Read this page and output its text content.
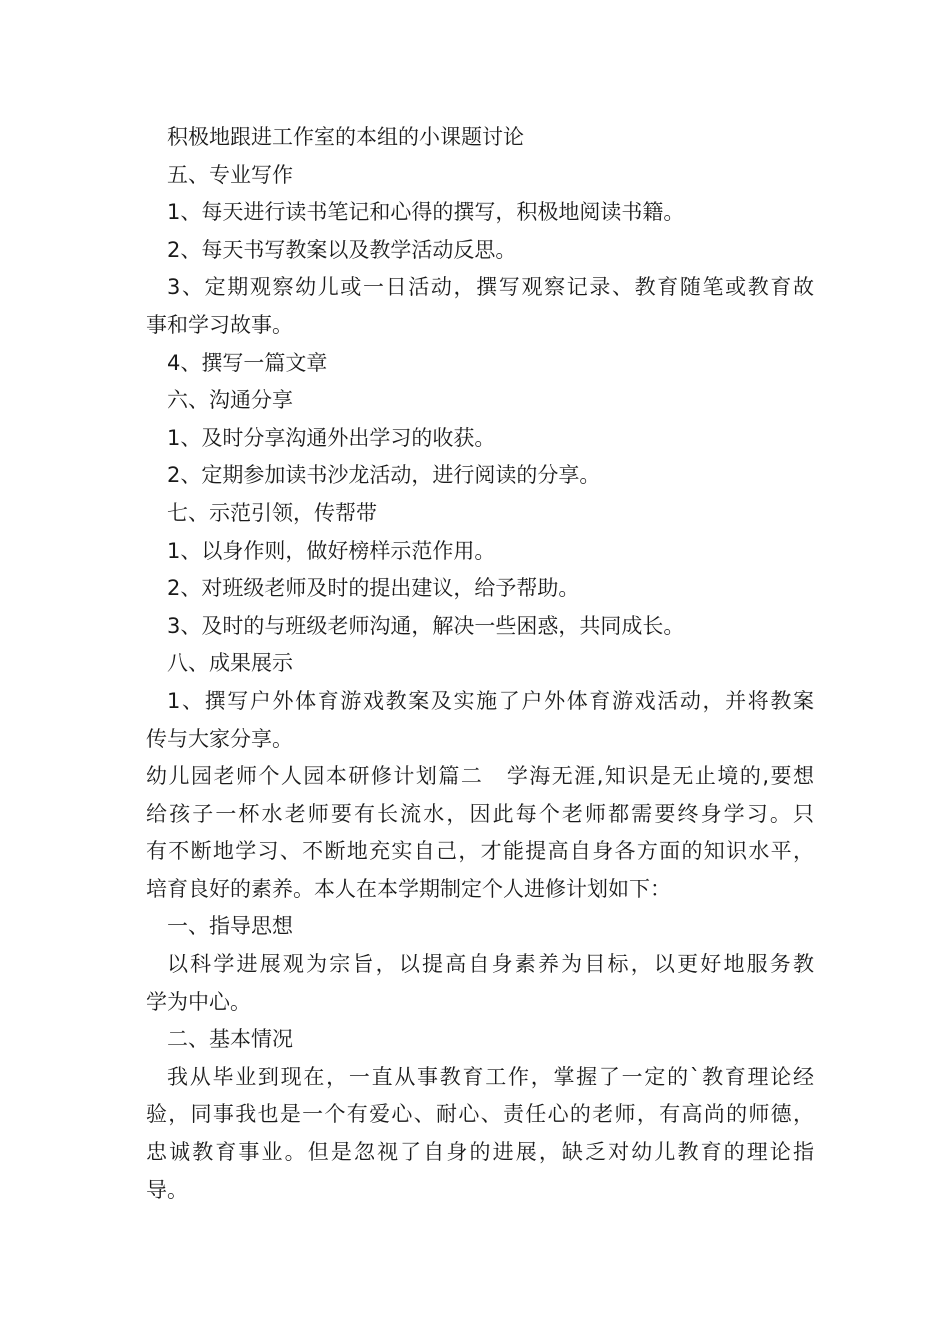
积极地跟进工作室的本组的小课题讨论
五、专业写作
1、每天进行读书笔记和心得的撰写，积极地阅读书籍。
2、每天书写教案以及教学活动反思。
3、定期观察幼儿或一日活动，撰写观察记录、教育随笔或教育故
事和学习故事。
4、撰写一篇文章
六、沟通分享
1、及时分享沟通外出学习的收获。
2、定期参加读书沙龙活动，进行阅读的分享。
七、示范引领，传帮带
1、以身作则，做好榜样示范作用。
2、对班级老师及时的提出建议，给予帮助。
3、及时的与班级老师沟通，解决一些困惑，共同成长。
八、成果展示
1、撰写户外体育游戏教案及实施了户外体育游戏活动，并将教案
传与大家分享。
幼儿园老师个人园本研修计划篇二 学海无涯,知识是无止境的,要想
给孩子一杯水老师要有长流水，因此每个老师都需要终身学习。只
有不断地学习、不断地充实自己，才能提高自身各方面的知识水平，
培育良好的素养。本人在本学期制定个人进修计划如下：
一、指导思想
以科学进展观为宗旨，以提高自身素养为目标，以更好地服务教
学为中心。
二、基本情况
我从毕业到现在，一直从事教育工作，掌握了一定的`教育理论经
验，同事我也是一个有爱心、耐心、责任心的老师，有高尚的师德，
忠诚教育事业。但是忽视了自身的进展，缺乏对幼儿教育的理论指
导。
